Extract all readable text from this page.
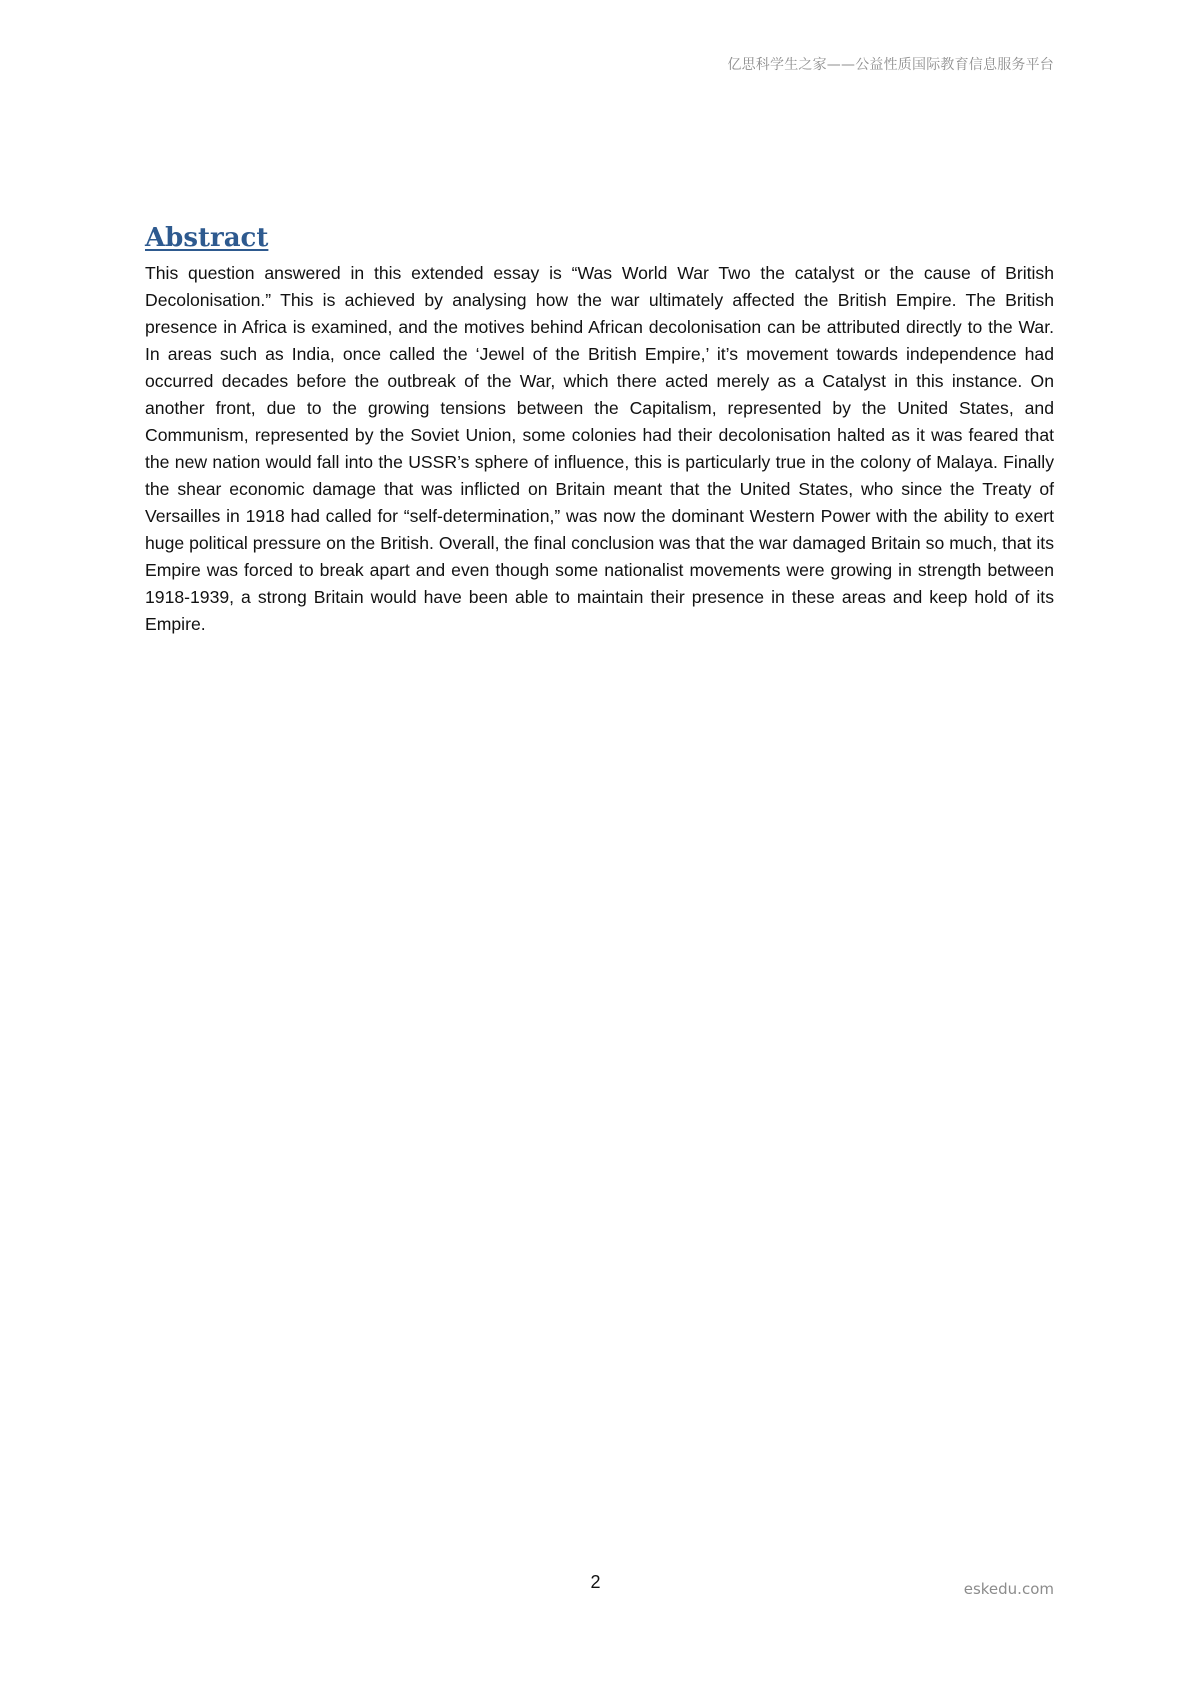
亿思科学生之家——公益性质国际教育信息服务平台
Abstract

This question answered in this extended essay is “Was World War Two the catalyst or the cause of British Decolonisation.” This is achieved by analysing how the war ultimately affected the British Empire. The British presence in Africa is examined, and the motives behind African decolonisation can be attributed directly to the War. In areas such as India, once called the ‘Jewel of the British Empire,’ it’s movement towards independence had occurred decades before the outbreak of the War, which there acted merely as a Catalyst in this instance. On another front, due to the growing tensions between the Capitalism, represented by the United States, and Communism, represented by the Soviet Union, some colonies had their decolonisation halted as it was feared that the new nation would fall into the USSR’s sphere of influence, this is particularly true in the colony of Malaya. Finally the shear economic damage that was inflicted on Britain meant that the United States, who since the Treaty of Versailles in 1918 had called for “self-determination,” was now the dominant Western Power with the ability to exert huge political pressure on the British. Overall, the final conclusion was that the war damaged Britain so much, that its Empire was forced to break apart and even though some nationalist movements were growing in strength between 1918-1939, a strong Britain would have been able to maintain their presence in these areas and keep hold of its Empire.

2	eskedu.com
